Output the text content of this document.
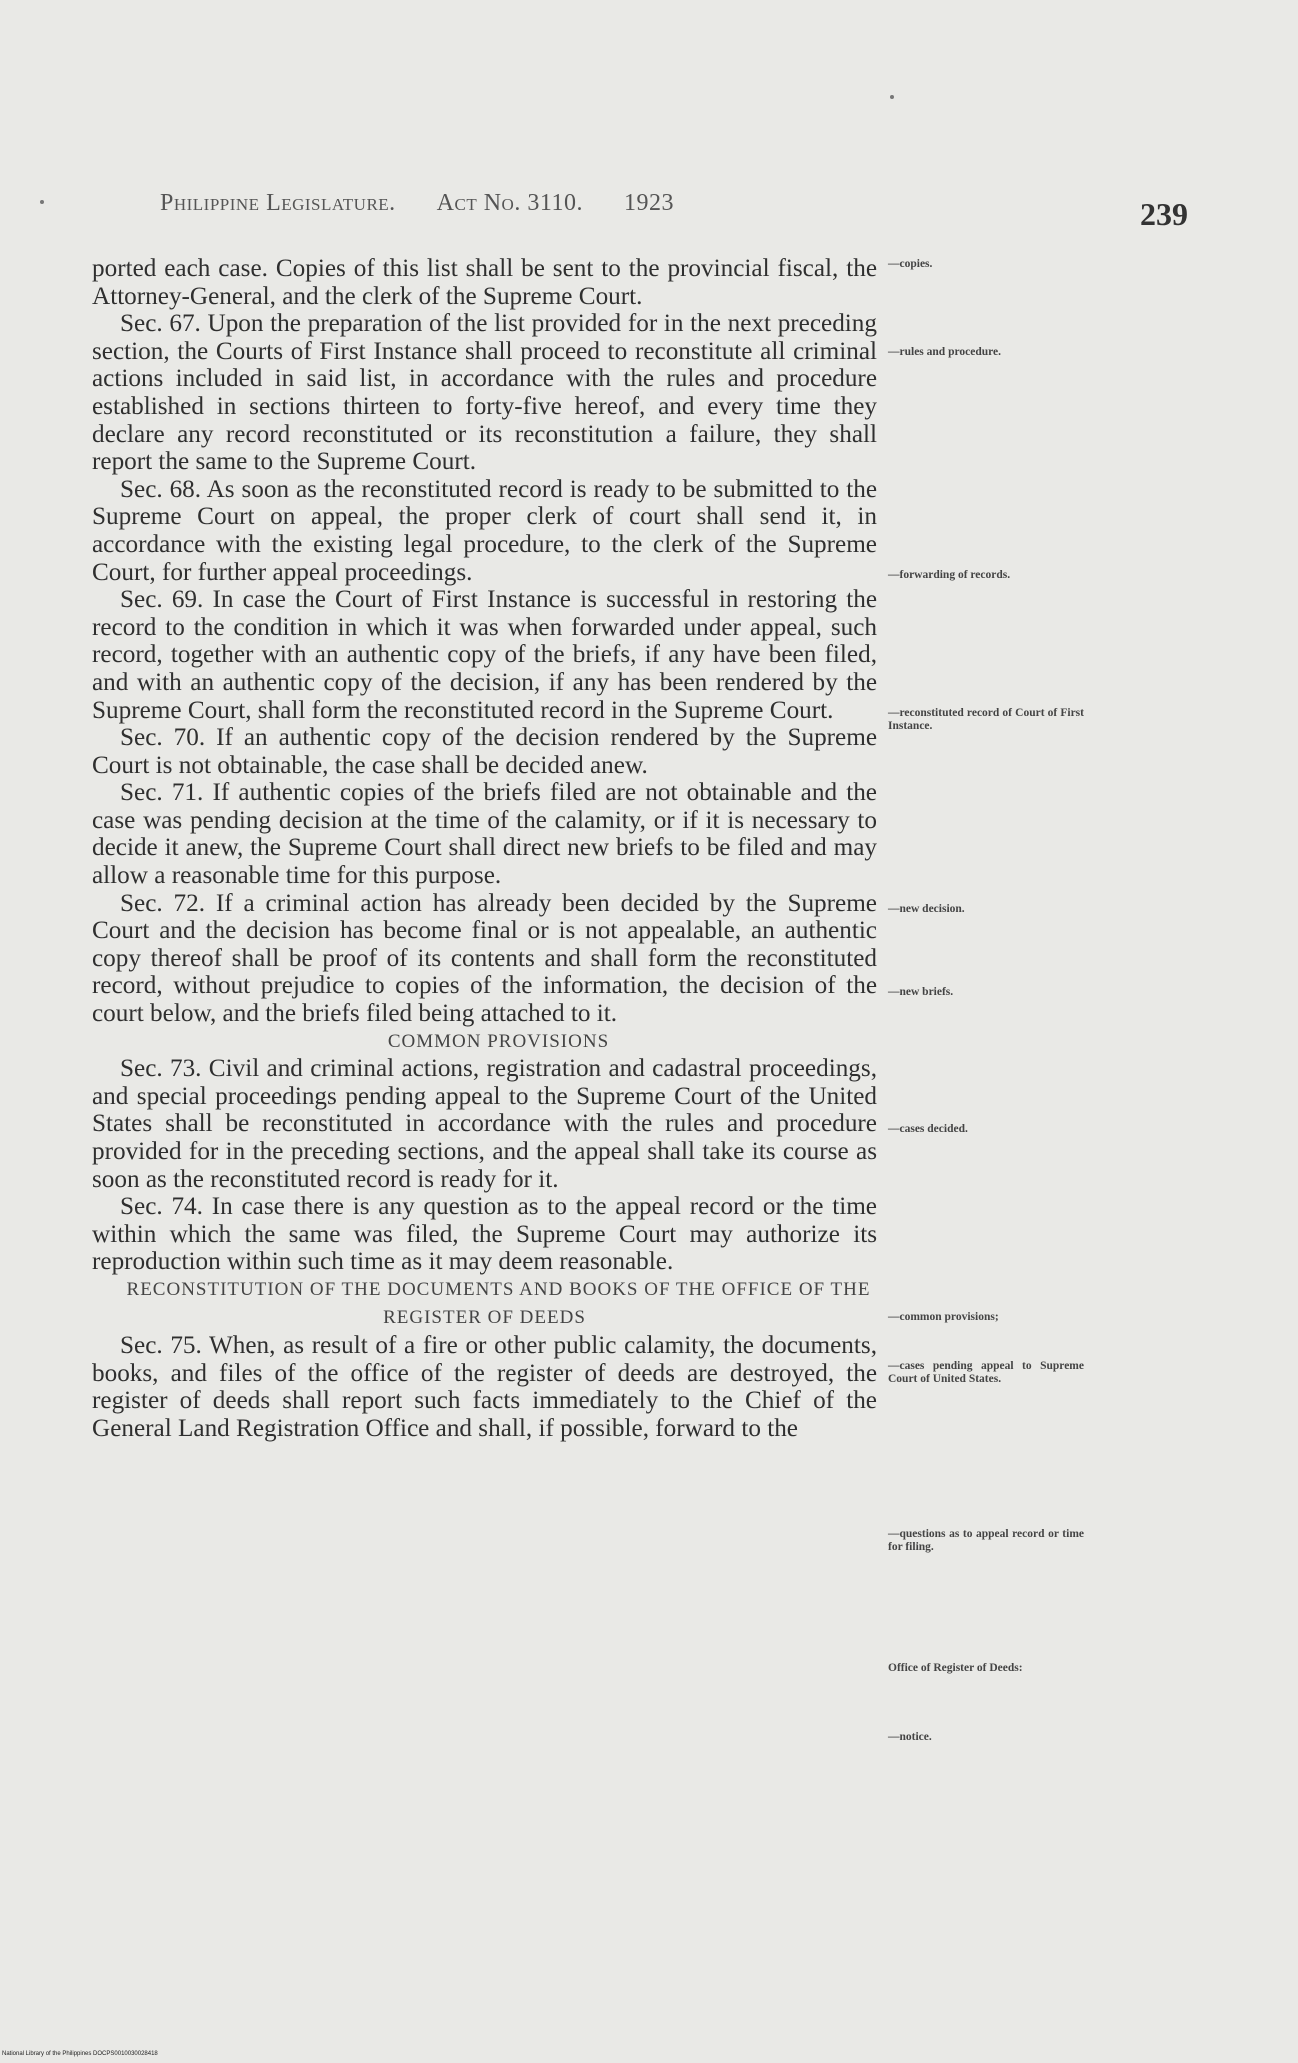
Philippine Legislature. Act No. 3110. 1923	239

ported each case. Copies of this list shall be sent to the provincial fiscal, the Attorney-General, and the clerk of the Supreme Court.

Sec. 67. Upon the preparation of the list provided for in the next preceding section, the Courts of First Instance shall proceed to reconstitute all criminal actions included in said list, in accordance with the rules and procedure established in sections thirteen to forty-five hereof, and every time they declare any record reconstituted or its reconstitution a failure, they shall report the same to the Supreme Court.

Sec. 68. As soon as the reconstituted record is ready to be submitted to the Supreme Court on appeal, the proper clerk of court shall send it, in accordance with the existing legal procedure, to the clerk of the Supreme Court, for further appeal proceedings.

Sec. 69. In case the Court of First Instance is successful in restoring the record to the condition in which it was when forwarded under appeal, such record, together with an authentic copy of the briefs, if any have been filed, and with an authentic copy of the decision, if any has been rendered by the Supreme Court, shall form the reconstituted record in the Supreme Court.

Sec. 70. If an authentic copy of the decision rendered by the Supreme Court is not obtainable, the case shall be decided anew.

Sec. 71. If authentic copies of the briefs filed are not obtainable and the case was pending decision at the time of the calamity, or if it is necessary to decide it anew, the Supreme Court shall direct new briefs to be filed and may allow a reasonable time for this purpose.

Sec. 72. If a criminal action has already been decided by the Supreme Court and the decision has become final or is not appealable, an authentic copy thereof shall be proof of its contents and shall form the reconstituted record, without prejudice to copies of the information, the decision of the court below, and the briefs filed being attached to it.

COMMON PROVISIONS

Sec. 73. Civil and criminal actions, registration and cadastral proceedings, and special proceedings pending appeal to the Supreme Court of the United States shall be reconstituted in accordance with the rules and procedure provided for in the preceding sections, and the appeal shall take its course as soon as the reconstituted record is ready for it.

Sec. 74. In case there is any question as to the appeal record or the time within which the same was filed, the Supreme Court may authorize its reproduction within such time as it may deem reasonable.

RECONSTITUTION OF THE DOCUMENTS AND BOOKS OF THE OFFICE OF THE REGISTER OF DEEDS

Sec. 75. When, as result of a fire or other public calamity, the documents, books, and files of the office of the register of deeds are destroyed, the register of deeds shall report such facts immediately to the Chief of the General Land Registration Office and shall, if possible, forward to the

—copies.
—rules and procedure.
—forwarding of records.
—reconstituted record of Court of First Instance.
—new decision.
—new briefs.
—cases decided.
—common provisions;
—cases pending appeal to Supreme Court of United States.
—questions as to appeal record or time for filing.
Office of Register of Deeds:
—notice.
National Library of the Philippines DOCPS0010030028418
